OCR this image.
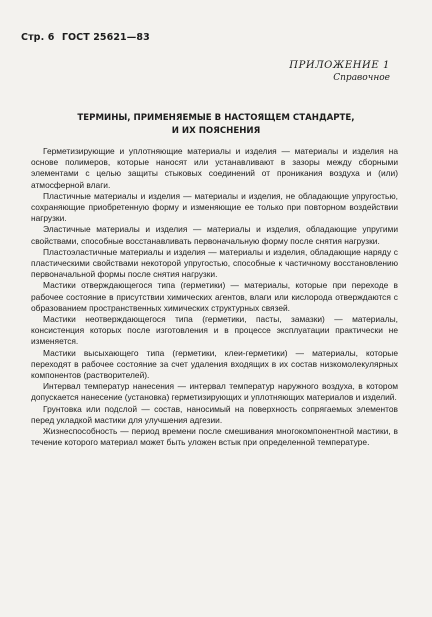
Стр. 6 ГОСТ 25621—83
ПРИЛОЖЕНИЕ 1
Справочное
ТЕРМИНЫ, ПРИМЕНЯЕМЫЕ В НАСТОЯЩЕМ СТАНДАРТЕ,
И ИХ ПОЯСНЕНИЯ

Герметизирующие и уплотняющие материалы и изделия — материалы и изделия на основе полимеров, которые наносят или устанавливают в зазоры между сборными элементами с целью защиты стыковых соединений от проникания воздуха и (или) атмосферной влаги.

Пластичные материалы и изделия — материалы и изделия, не обладающие упругостью, сохраняющие приобретенную форму и изменяющие ее только при повторном воздействии нагрузки.

Эластичные материалы и изделия — материалы и изделия, обладающие упругими свойствами, способные восстанавливать первоначальную форму после снятия нагрузки.

Пластоэластичные материалы и изделия — материалы и изделия, обладающие наряду с пластическими свойствами некоторой упругостью, способные к частичному восстановлению первоначальной формы после снятия нагрузки.

Мастики отверждающегося типа (герметики) — материалы, которые при переходе в рабочее состояние в присутствии химических агентов, влаги или кислорода отверждаются с образованием пространственных химических структурных связей.

Мастики неотверждающегося типа (герметики, пасты, замазки) — материалы, консистенция которых после изготовления и в процессе эксплуатации практически не изменяется.

Мастики высыхающего типа (герметики, клеи-герметики) — материалы, которые переходят в рабочее состояние за счет удаления входящих в их состав низкомолекулярных компонентов (растворителей).

Интервал температур нанесения — интервал температур наружного воздуха, в котором допускается нанесение (установка) герметизирующих и уплотняющих материалов и изделий.

Грунтовка или подслой — состав, наносимый на поверхность сопрягаемых элементов перед укладкой мастики для улучшения адгезии.

Жизнеспособность — период времени после смешивания многокомпонентной мастики, в течение которого материал может быть уложен встык при определенной температуре.
